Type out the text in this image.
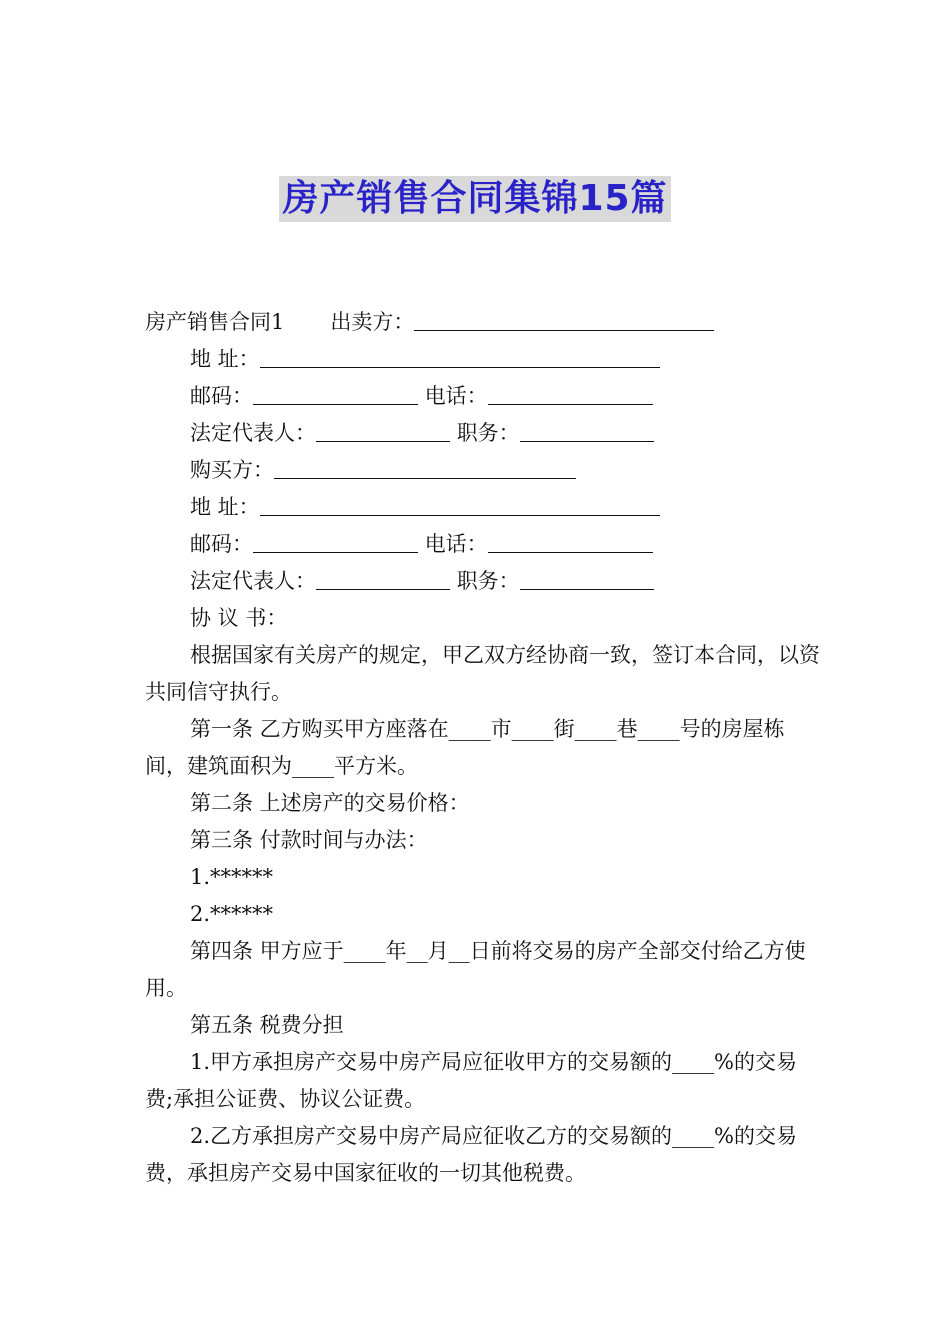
房产销售合同集锦15篇
房产销售合同1 出卖方：
地 址：
邮码：	电话：
法定代表人：	职务：
购买方：
地 址：
邮码：	电话：
法定代表人：	职务：
协 议 书：

根据国家有关房产的规定，甲乙双方经协商一致，签订本合同，以资共同信守执行。

第一条 乙方购买甲方座落在____市____街____巷____号的房屋栋 间，建筑面积为____平方米。

第二条 上述房产的交易价格：

第三条 付款时间与办法：

1.******

2.******

第四条 甲方应于____年__月__日前将交易的房产全部交付给乙方使用。

第五条 税费分担

1.甲方承担房产交易中房产局应征收甲方的交易额的____%的交易费;承担公证费、协议公证费。

2.乙方承担房产交易中房产局应征收乙方的交易额的____%的交易费，承担房产交易中国家征收的一切其他税费。
